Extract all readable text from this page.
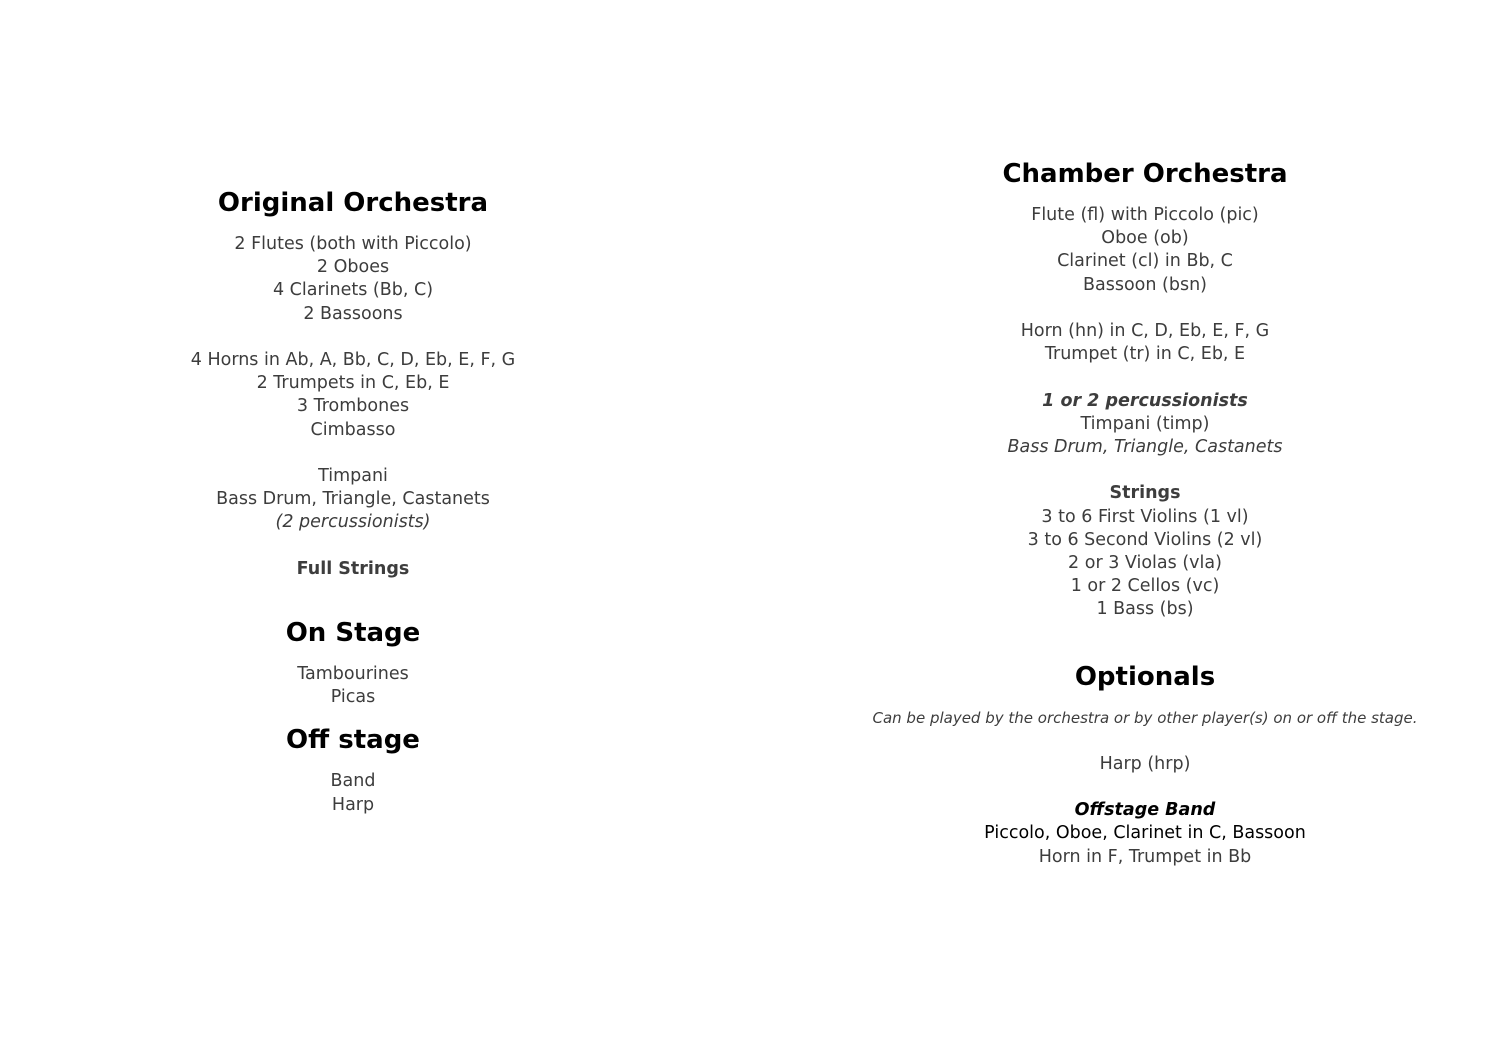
Original Orchestra
2 Flutes (both with Piccolo)
2 Oboes
4 Clarinets (Bb, C)
2 Bassoons
4 Horns in Ab, A, Bb, C, D, Eb, E, F, G
2 Trumpets in C, Eb, E
3 Trombones
Cimbasso
Timpani
Bass Drum, Triangle, Castanets
(2 percussionists)
Full Strings
On Stage
Tambourines
Picas
Off stage
Band
Harp
Chamber Orchestra
Flute (fl) with Piccolo (pic)
Oboe (ob)
Clarinet (cl) in Bb, C
Bassoon (bsn)
Horn (hn) in C, D, Eb, E, F, G
Trumpet (tr) in C, Eb, E
1 or 2 percussionists
Timpani (timp)
Bass Drum, Triangle, Castanets
Strings
3 to 6 First Violins (1 vl)
3 to 6 Second Violins (2 vl)
2 or 3 Violas (vla)
1 or 2 Cellos (vc)
1 Bass (bs)
Optionals
Can be played by the orchestra or by other player(s) on or off the stage.
Harp (hrp)
Offstage Band
Piccolo, Oboe, Clarinet in C, Bassoon
Horn in F, Trumpet in Bb
